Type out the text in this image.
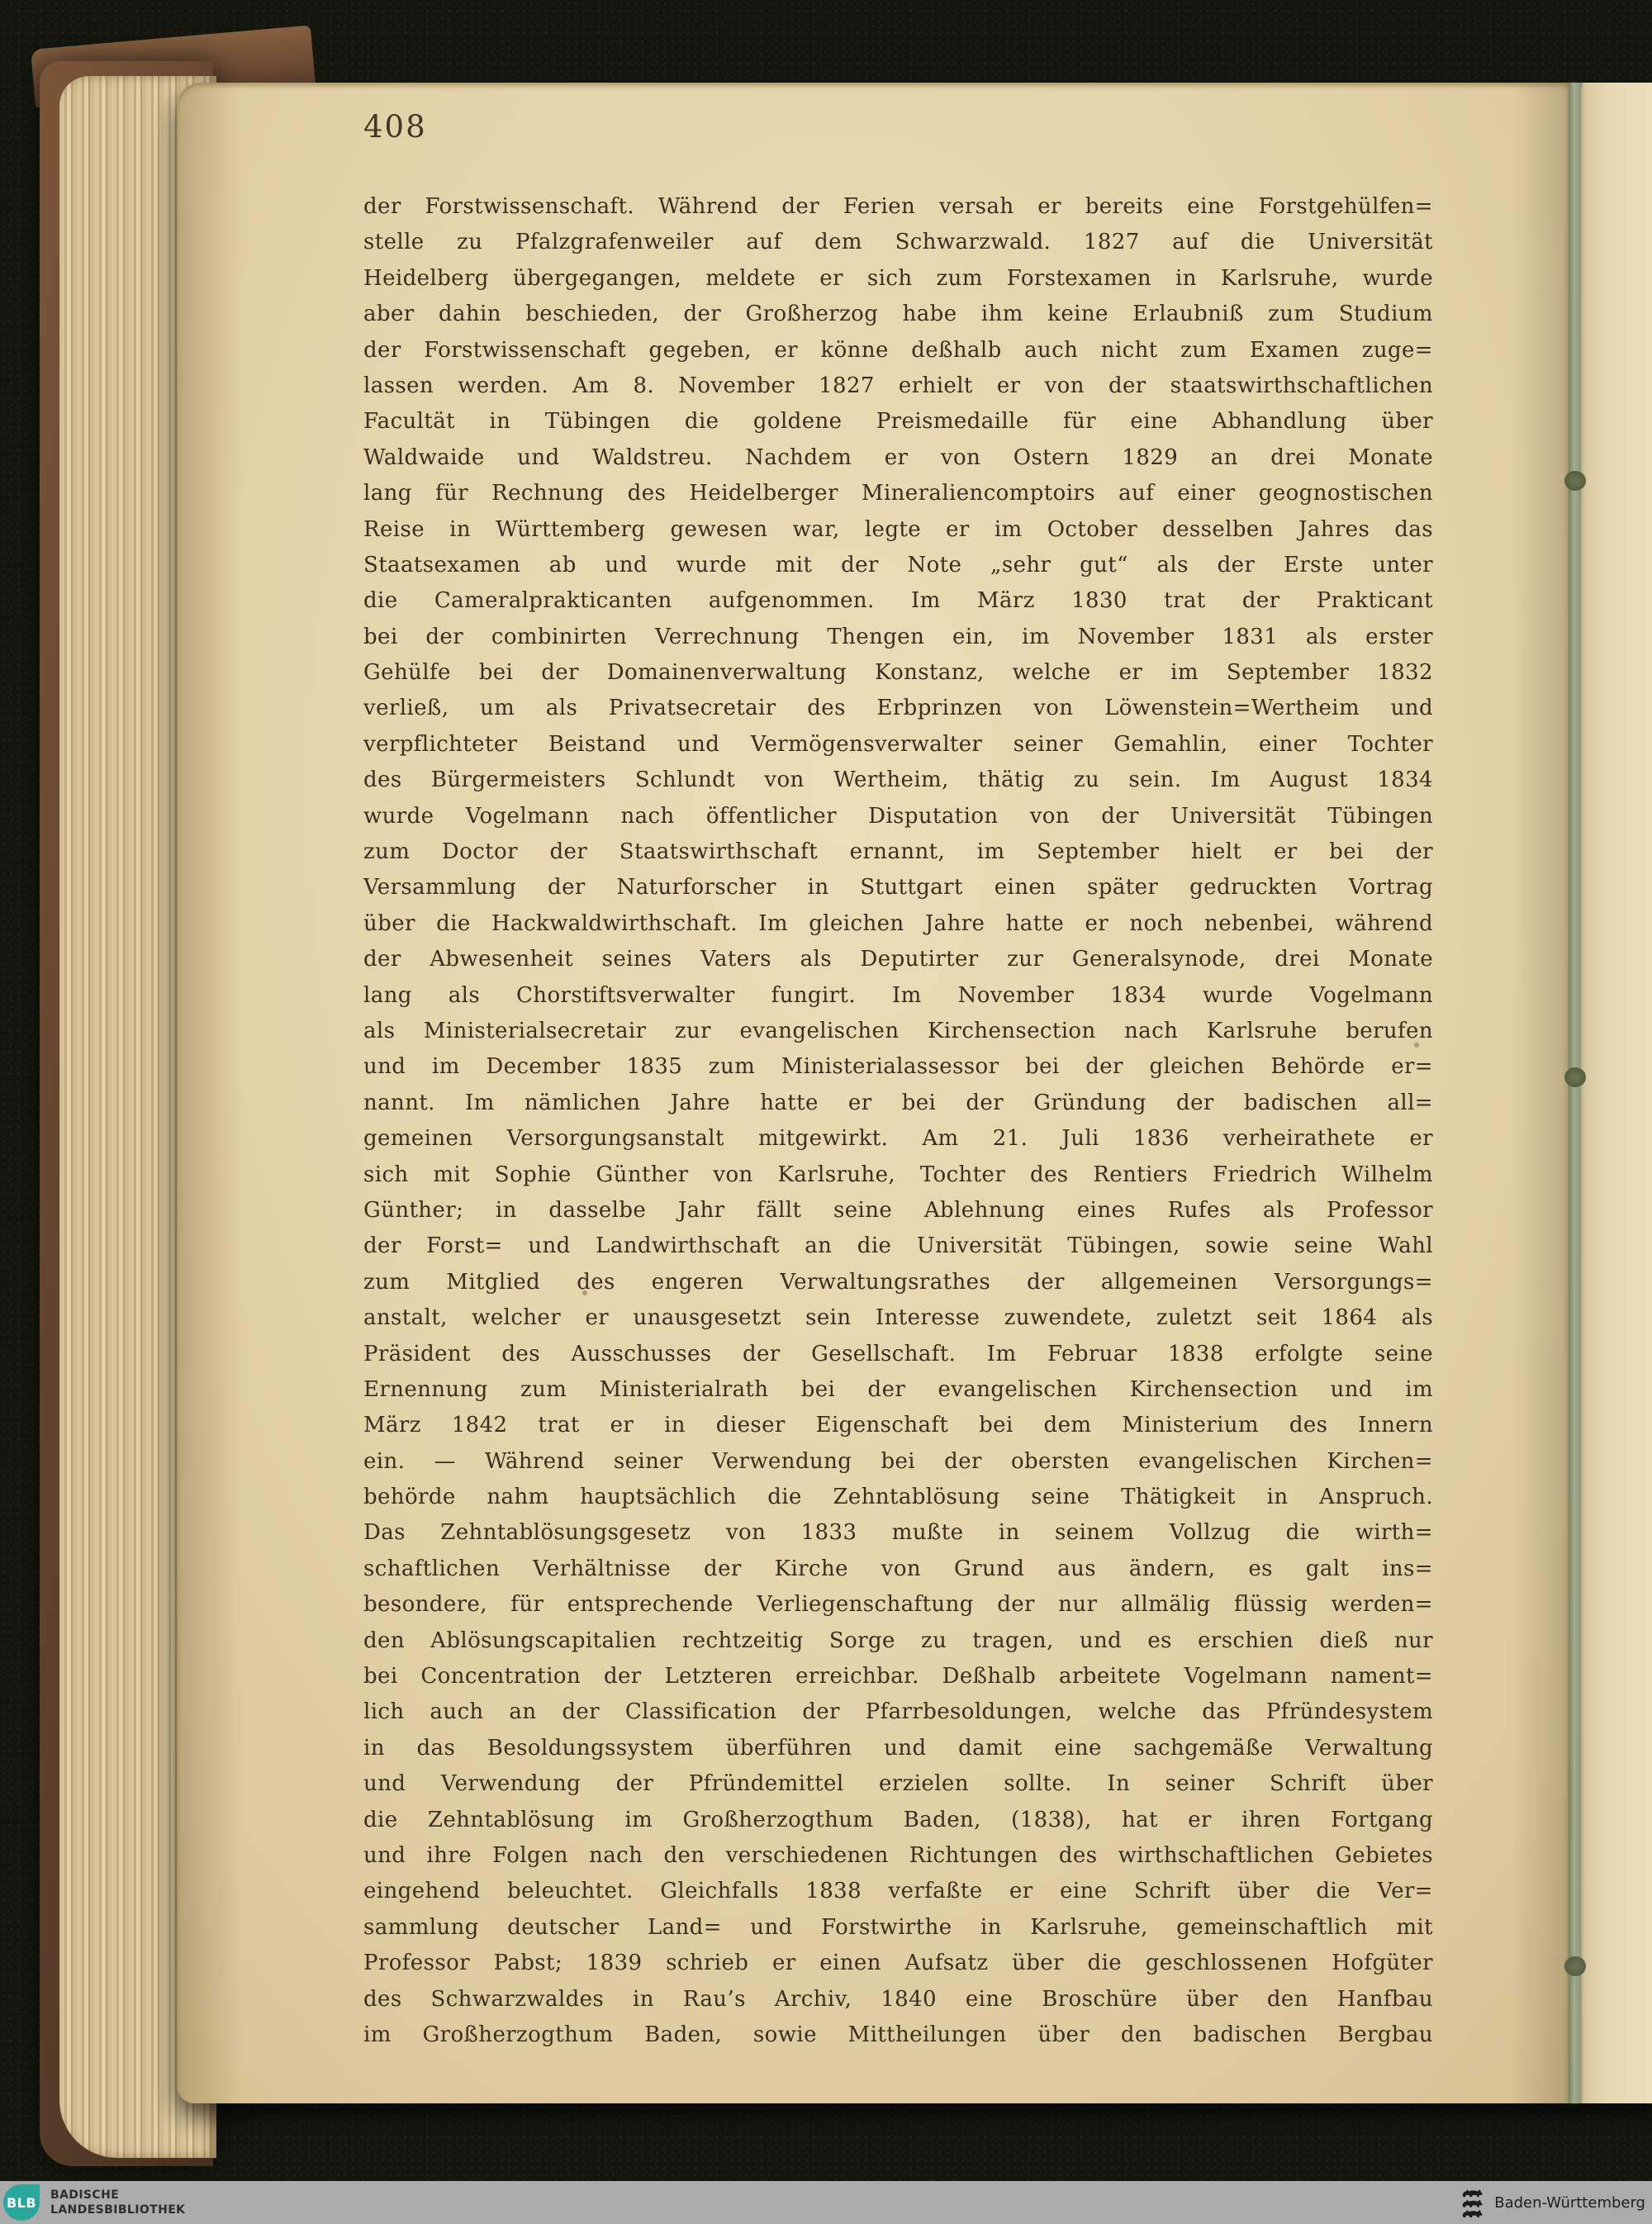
408
der Forstwissenschaft. Während der Ferien versah er bereits eine Forstgehülfen=
stelle zu Pfalzgrafenweiler auf dem Schwarzwald. 1827 auf die Universität
Heidelberg übergegangen, meldete er sich zum Forstexamen in Karlsruhe, wurde
aber dahin beschieden, der Großherzog habe ihm keine Erlaubniß zum Studium
der Forstwissenschaft gegeben, er könne deßhalb auch nicht zum Examen zuge=
lassen werden. Am 8. November 1827 erhielt er von der staatswirthschaftlichen
Facultät in Tübingen die goldene Preismedaille für eine Abhandlung über
Waldwaide und Waldstreu. Nachdem er von Ostern 1829 an drei Monate
lang für Rechnung des Heidelberger Mineraliencomptoirs auf einer geognostischen
Reise in Württemberg gewesen war, legte er im October desselben Jahres das
Staatsexamen ab und wurde mit der Note „sehr gut“ als der Erste unter
die Cameralprakticanten aufgenommen. Im März 1830 trat der Prakticant
bei der combinirten Verrechnung Thengen ein, im November 1831 als erster
Gehülfe bei der Domainenverwaltung Konstanz, welche er im September 1832
verließ, um als Privatsecretair des Erbprinzen von Löwenstein=Wertheim und
verpflichteter Beistand und Vermögensverwalter seiner Gemahlin, einer Tochter
des Bürgermeisters Schlundt von Wertheim, thätig zu sein. Im August 1834
wurde Vogelmann nach öffentlicher Disputation von der Universität Tübingen
zum Doctor der Staatswirthschaft ernannt, im September hielt er bei der
Versammlung der Naturforscher in Stuttgart einen später gedruckten Vortrag
über die Hackwaldwirthschaft. Im gleichen Jahre hatte er noch nebenbei, während
der Abwesenheit seines Vaters als Deputirter zur Generalsynode, drei Monate
lang als Chorstiftsverwalter fungirt. Im November 1834 wurde Vogelmann
als Ministerialsecretair zur evangelischen Kirchensection nach Karlsruhe berufen
und im December 1835 zum Ministerialassessor bei der gleichen Behörde er=
nannt. Im nämlichen Jahre hatte er bei der Gründung der badischen all=
gemeinen Versorgungsanstalt mitgewirkt. Am 21. Juli 1836 verheirathete er
sich mit Sophie Günther von Karlsruhe, Tochter des Rentiers Friedrich Wilhelm
Günther; in dasselbe Jahr fällt seine Ablehnung eines Rufes als Professor
der Forst= und Landwirthschaft an die Universität Tübingen, sowie seine Wahl
zum Mitglied des engeren Verwaltungsrathes der allgemeinen Versorgungs=
anstalt, welcher er unausgesetzt sein Interesse zuwendete, zuletzt seit 1864 als
Präsident des Ausschusses der Gesellschaft. Im Februar 1838 erfolgte seine
Ernennung zum Ministerialrath bei der evangelischen Kirchensection und im
März 1842 trat er in dieser Eigenschaft bei dem Ministerium des Innern
ein. — Während seiner Verwendung bei der obersten evangelischen Kirchen=
behörde nahm hauptsächlich die Zehntablösung seine Thätigkeit in Anspruch.
Das Zehntablösungsgesetz von 1833 mußte in seinem Vollzug die wirth=
schaftlichen Verhältnisse der Kirche von Grund aus ändern, es galt ins=
besondere, für entsprechende Verliegenschaftung der nur allmälig flüssig werden=
den Ablösungscapitalien rechtzeitig Sorge zu tragen, und es erschien dieß nur
bei Concentration der Letzteren erreichbar. Deßhalb arbeitete Vogelmann nament=
lich auch an der Classification der Pfarrbesoldungen, welche das Pfründesystem
in das Besoldungssystem überführen und damit eine sachgemäße Verwaltung
und Verwendung der Pfründemittel erzielen sollte. In seiner Schrift über
die Zehntablösung im Großherzogthum Baden, (1838), hat er ihren Fortgang
und ihre Folgen nach den verschiedenen Richtungen des wirthschaftlichen Gebietes
eingehend beleuchtet. Gleichfalls 1838 verfaßte er eine Schrift über die Ver=
sammlung deutscher Land= und Forstwirthe in Karlsruhe, gemeinschaftlich mit
Professor Pabst; 1839 schrieb er einen Aufsatz über die geschlossenen Hofgüter
des Schwarzwaldes in Rau’s Archiv, 1840 eine Broschüre über den Hanfbau
im Großherzogthum Baden, sowie Mittheilungen über den badischen Bergbau
BLB BADISCHE
LANDESBIBLIOTHEK	Baden-Württemberg
